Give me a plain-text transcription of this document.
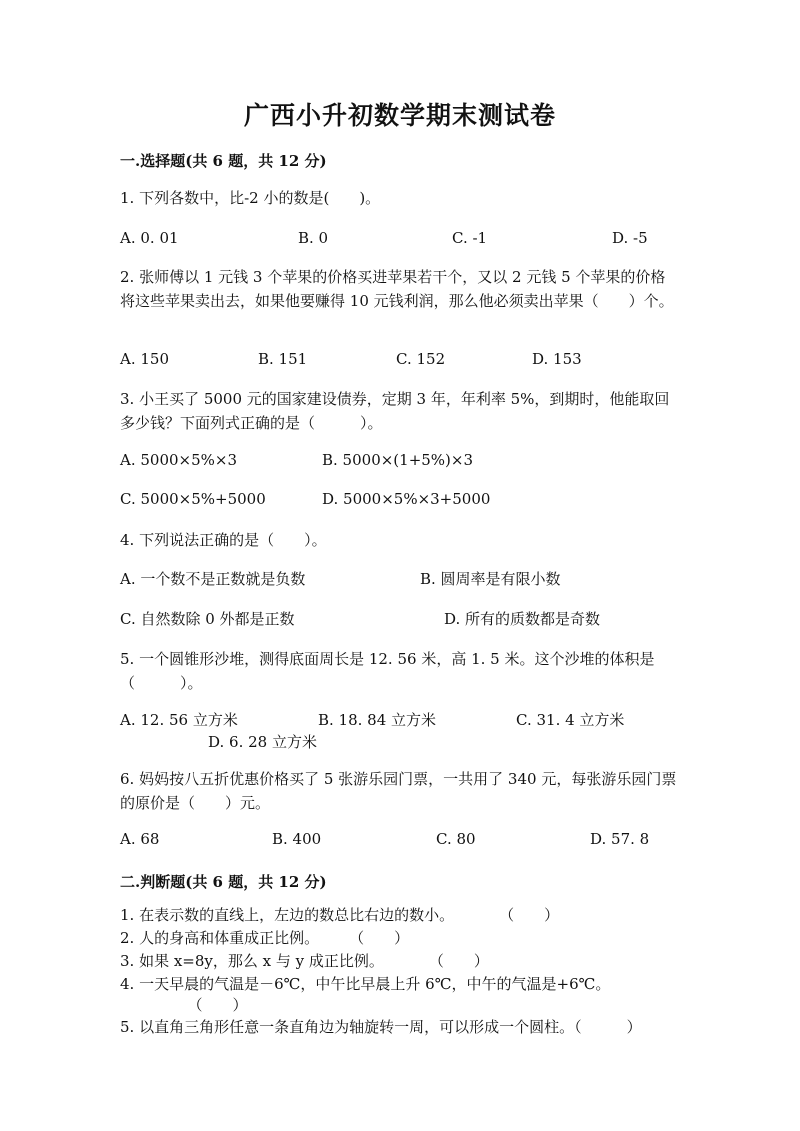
广西小升初数学期末测试卷
一.选择题(共 6 题，共 12 分)
1. 下列各数中，比-2 小的数是(　　)。
A. 0. 01	B. 0	C. -1	D. -5
2. 张师傅以 1 元钱 3 个苹果的价格买进苹果若干个，又以 2 元钱 5 个苹果的价格将这些苹果卖出去，如果他要赚得 10 元钱利润，那么他必须卖出苹果（　　）个。
A. 150	B. 151	C. 152	D. 153
3. 小王买了 5000 元的国家建设债券，定期 3 年，年利率 5%，到期时，他能取回多少钱？下面列式正确的是（　　　）。
A. 5000×5%×3	B. 5000×(1+5%)×3
C. 5000×5%+5000	D. 5000×5%×3+5000
4. 下列说法正确的是（　　）。
A. 一个数不是正数就是负数	B. 圆周率是有限小数
C. 自然数除 0 外都是正数	D. 所有的质数都是奇数
5. 一个圆锥形沙堆，测得底面周长是 12. 56 米，高 1. 5 米。这个沙堆的体积是（　　　）。
A. 12. 56 立方米	B. 18. 84 立方米	C. 31. 4 立方米
D. 6. 28 立方米
6. 妈妈按八五折优惠价格买了 5 张游乐园门票，一共用了 340 元，每张游乐园门票的原价是（　　）元。
A. 68	B. 400	C. 80	D. 57. 8
二.判断题(共 6 题，共 12 分)
1. 在表示数的直线上，左边的数总比右边的数小。　　　　（　　）
2. 人的身高和体重成正比例。　　　（　　）
3. 如果 x=8y，那么 x 与 y 成正比例。　　　　（　　）
4. 一天早晨的气温是－6℃，中午比早晨上升 6℃，中午的气温是+6℃。
　　　　　（　　）
5. 以直角三角形任意一条直角边为轴旋转一周，可以形成一个圆柱。（　　　）
